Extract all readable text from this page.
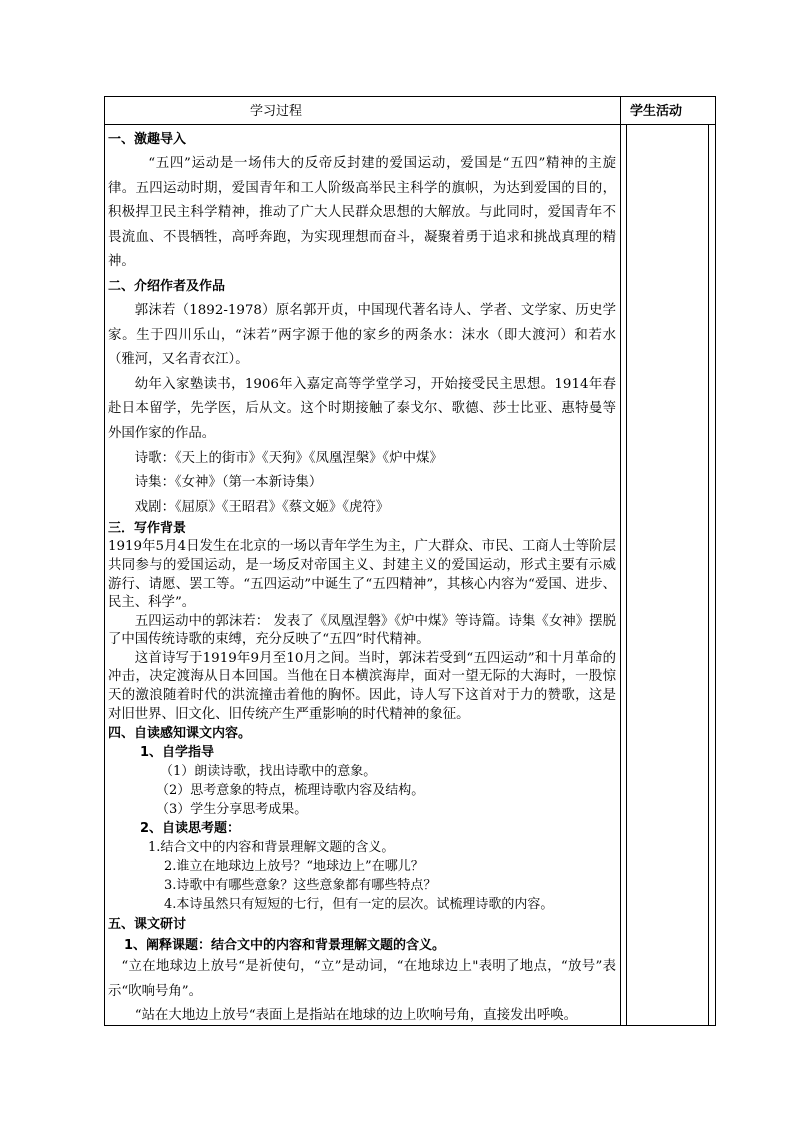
学习过程	学生活动

一、激趣导入

“五四”运动是一场伟大的反帝反封建的爱国运动，爱国是“五四”精神的主旋律。五四运动时期，爱国青年和工人阶级高举民主科学的旗帜，为达到爱国的目的，积极捍卫民主科学精神，推动了广大人民群众思想的大解放。与此同时，爱国青年不畏流血、不畏牺牲，高呼奔跑，为实现理想而奋斗，凝聚着勇于追求和挑战真理的精神。

二、介绍作者及作品

郭沫若（1892-1978）原名郭开贞，中国现代著名诗人、学者、文学家、历史学家。生于四川乐山，“沫若”两字源于他的家乡的两条水：沫水（即大渡河）和若水（雅河，又名青衣江）。

幼年入家塾读书，1906年入嘉定高等学堂学习，开始接受民主思想。1914年春赴日本留学，先学医，后从文。这个时期接触了泰戈尔、歌德、莎士比亚、惠特曼等外国作家的作品。

诗歌：《天上的街市》《天狗》《凤凰涅槃》《炉中煤》

诗集：《女神》（第一本新诗集）

戏剧：《屈原》《王昭君》《蔡文姬》《虎符》

三．写作背景

1919年5月4日发生在北京的一场以青年学生为主，广大群众、市民、工商人士等阶层共同参与的爱国运动，是一场反对帝国主义、封建主义的爱国运动，形式主要有示威游行、请愿、罢工等。“五四运动”中诞生了“五四精神”，其核心内容为“爱国、进步、民主、科学”。

五四运动中的郭沫若： 发表了《凤凰涅磐》《炉中煤》等诗篇。诗集《女神》摆脱了中国传统诗歌的束缚，充分反映了“五四”时代精神。

这首诗写于1919年9月至10月之间。当时，郭沫若受到“五四运动”和十月革命的冲击，决定渡海从日本回国。当他在日本横滨海岸，面对一望无际的大海时，一股惊天的激浪随着时代的洪流撞击着他的胸怀。因此，诗人写下这首对于力的赞歌，这是对旧世界、旧文化、旧传统产生严重影响的时代精神的象征。

四、自读感知课文内容。

1、自学指导

（1）朗读诗歌，找出诗歌中的意象。

（2）思考意象的特点，梳理诗歌内容及结构。

（3）学生分享思考成果。

2、自读思考题：

1.结合文中的内容和背景理解文题的含义。

2.谁立在地球边上放号？“地球边上”在哪儿？

3.诗歌中有哪些意象？这些意象都有哪些特点？

4.本诗虽然只有短短的七行，但有一定的层次。试梳理诗歌的内容。

五、课文研讨

1、阐释课题：结合文中的内容和背景理解文题的含义。

“立在地球边上放号“是祈使句，“立”是动词，“在地球边上"表明了地点，“放号”表示“吹响号角”。

“站在大地边上放号“表面上是指站在地球的边上吹响号角，直接发出呼唤。
